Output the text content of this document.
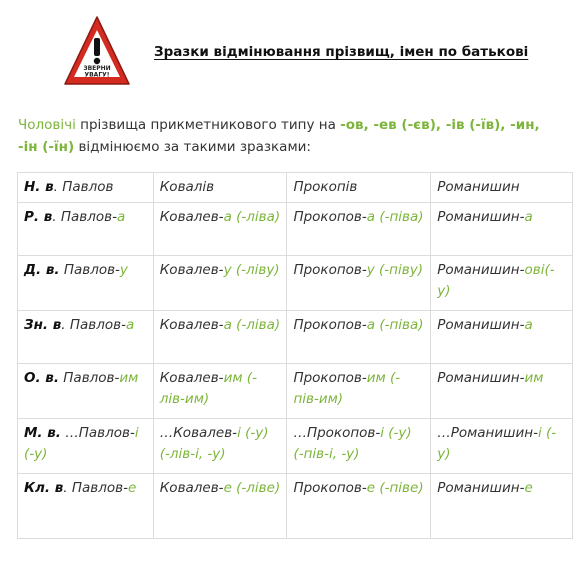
ЗВЕРНИ
УВАГУ!
Зразки відмінювання прізвищ, імен по батькові
Чоловічі прізвища прикметникового типу на -ов, -ев (-єв), -ів (-їв), -ин,
-ін (-їн) відмінюємо за такими зразками:
Н. в. Павлов	Ковалів	Прокопів	Романишин
Р. в. Павлов-а	Ковалев-а (-ліва)	Прокопов-а (-піва)	Романишин-а
Д. в. Павлов-у	Ковалев-у (-ліву)	Прокопов-у (-піву)	Романишин-ові(-у)
Зн. в. Павлов-а	Ковалев-а (-ліва)	Прокопов-а (-піва)	Романишин-а
О. в. Павлов-им	Ковалев-им (-лів-им)	Прокопов-им (-пів-им)	Романишин-им
М. в. …Павлов-і (-у)	…Ковалев-і (-у) (-лів-і, -у)	…Прокопов-і (-у) (-пів-і, -у)	…Романишин-і (-у)
Кл. в. Павлов-е	Ковалев-е (-ліве)	Прокопов-е (-піве)	Романишин-е
